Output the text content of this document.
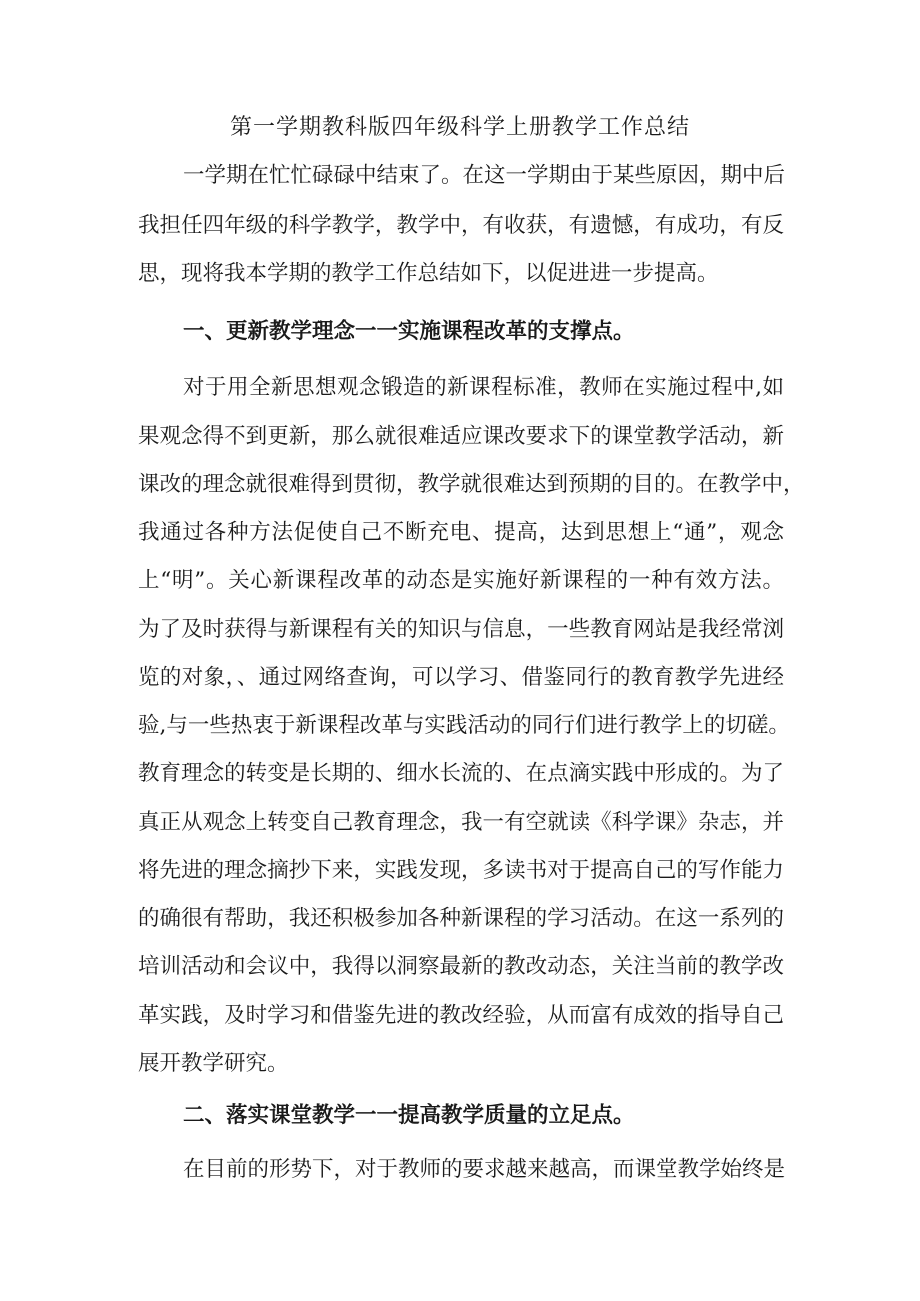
第一学期教科版四年级科学上册教学工作总结
一学期在忙忙碌碌中结束了。在这一学期由于某些原因，期中后
我担任四年级的科学教学，教学中，有收获，有遗憾，有成功，有反
思，现将我本学期的教学工作总结如下，以促进进一步提高。
一、更新教学理念一一实施课程改革的支撑点。
对于用全新思想观念锻造的新课程标准，教师在实施过程中,如
果观念得不到更新，那么就很难适应课改要求下的课堂教学活动，新
课改的理念就很难得到贯彻，教学就很难达到预期的目的。在教学中，
我通过各种方法促使自己不断充电、提高，达到思想上“通”，观念
上“明”。关心新课程改革的动态是实施好新课程的一种有效方法。
为了及时获得与新课程有关的知识与信息，一些教育网站是我经常浏
览的对象，、通过网络查询，可以学习、借鉴同行的教育教学先进经
验,与一些热衷于新课程改革与实践活动的同行们进行教学上的切磋。
教育理念的转变是长期的、细水长流的、在点滴实践中形成的。为了
真正从观念上转变自己教育理念，我一有空就读《科学课》杂志，并
将先进的理念摘抄下来，实践发现，多读书对于提高自己的写作能力
的确很有帮助，我还积极参加各种新课程的学习活动。在这一系列的
培训活动和会议中，我得以洞察最新的教改动态，关注当前的教学改
革实践，及时学习和借鉴先进的教改经验，从而富有成效的指导自己
展开教学研究。
二、落实课堂教学一一提高教学质量的立足点。
在目前的形势下，对于教师的要求越来越高，而课堂教学始终是
